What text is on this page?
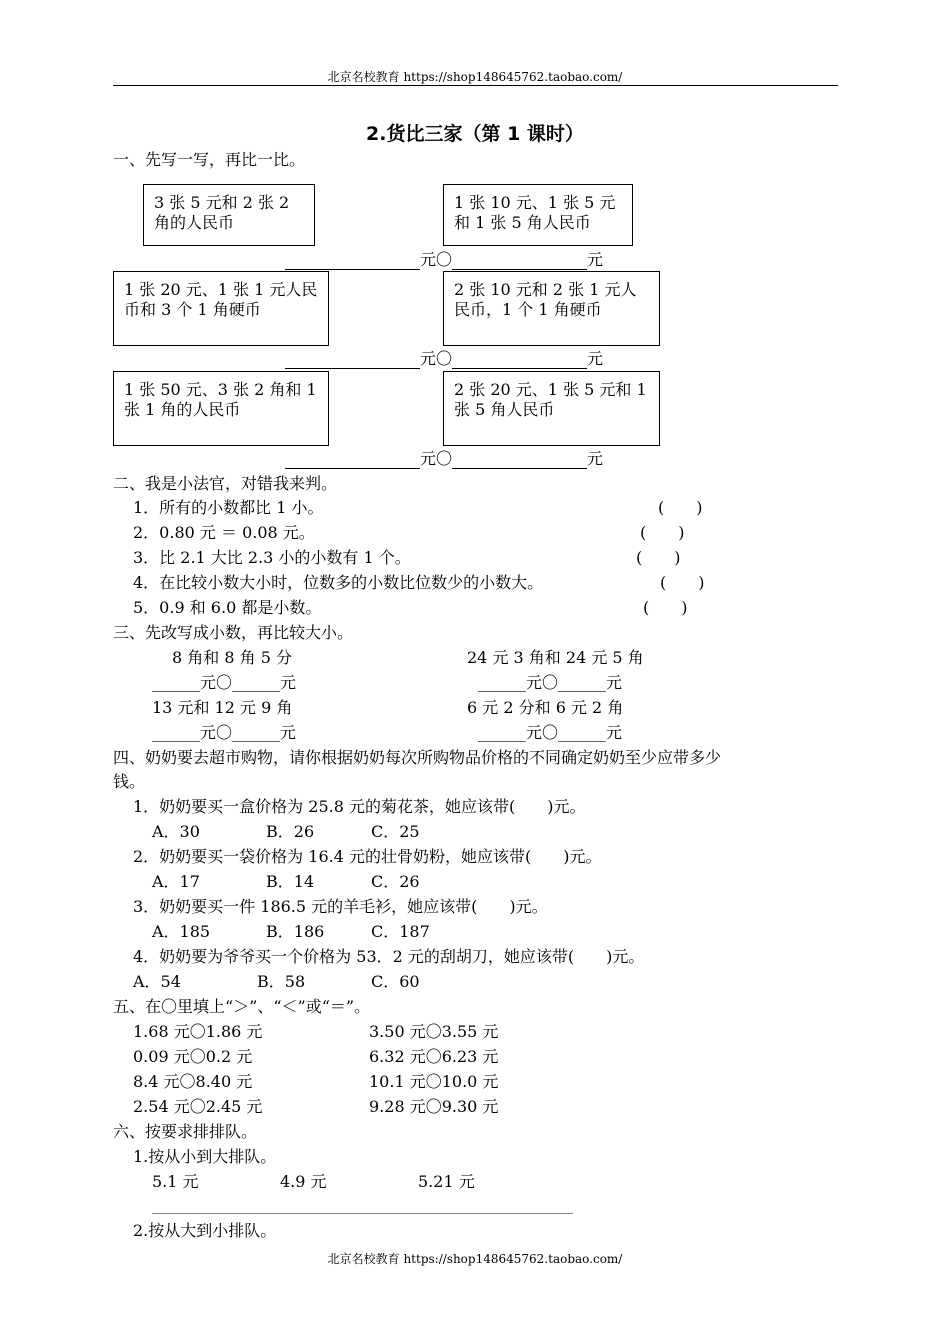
北京名校教育 https://shop148645762.taobao.com/
2.货比三家（第 1 课时）
一、先写一写，再比一比。
3 张 5 元和 2 张 2 角的人民币
1 张 10 元、1 张 5 元和 1 张 5 角人民币
元〇	元
1 张 20 元、1 张 1 元人民币和 3 个 1 角硬币
2 张 10 元和 2 张 1 元人民币，1 个 1 角硬币
元〇	元
1 张 50 元、3 张 2 角和 1 张 1 角的人民币
2 张 20 元、1 张 5 元和 1 张 5 角人民币
元〇	元
二、我是小法官，对错我来判。
1．所有的小数都比 1 小。	(　　)
2．0.80 元 ＝ 0.08 元。	(　　)
3．比 2.1 大比 2.3 小的小数有 1 个。	(　　)
4．在比较小数大小时，位数多的小数比位数少的小数大。	(　　)
5．0.9 和 6.0 都是小数。	(　　)
三、先改写成小数，再比较大小。
8 角和 8 角 5 分	24 元 3 角和 24 元 5 角
______元〇______元	______元〇______元
13 元和 12 元 9 角	6 元 2 分和 6 元 2 角
______元〇______元	______元〇______元
四、奶奶要去超市购物，请你根据奶奶每次所购物品价格的不同确定奶奶至少应带多少
钱。
1．奶奶要买一盒价格为 25.8 元的菊花茶，她应该带(　　)元。
A．30	B．26	C．25
2．奶奶要买一袋价格为 16.4 元的壮骨奶粉，她应该带(　　)元。
A．17	B．14	C．26
3．奶奶要买一件 186.5 元的羊毛衫，她应该带(　　)元。
A．185	B．186	C．187
4．奶奶要为爷爷买一个价格为 53．2 元的刮胡刀，她应该带(　　)元。
A．54	B．58	C．60
五、在〇里填上“＞”、“＜”或“＝”。
1.68 元〇1.86 元	3.50 元〇3.55 元
0.09 元〇0.2 元	6.32 元〇6.23 元
8.4 元〇8.40 元	10.1 元〇10.0 元
2.54 元〇2.45 元	9.28 元〇9.30 元
六、按要求排排队。
1.按从小到大排队。
5.1 元	4.9 元	5.21 元
2.按从大到小排队。
北京名校教育 https://shop148645762.taobao.com/
